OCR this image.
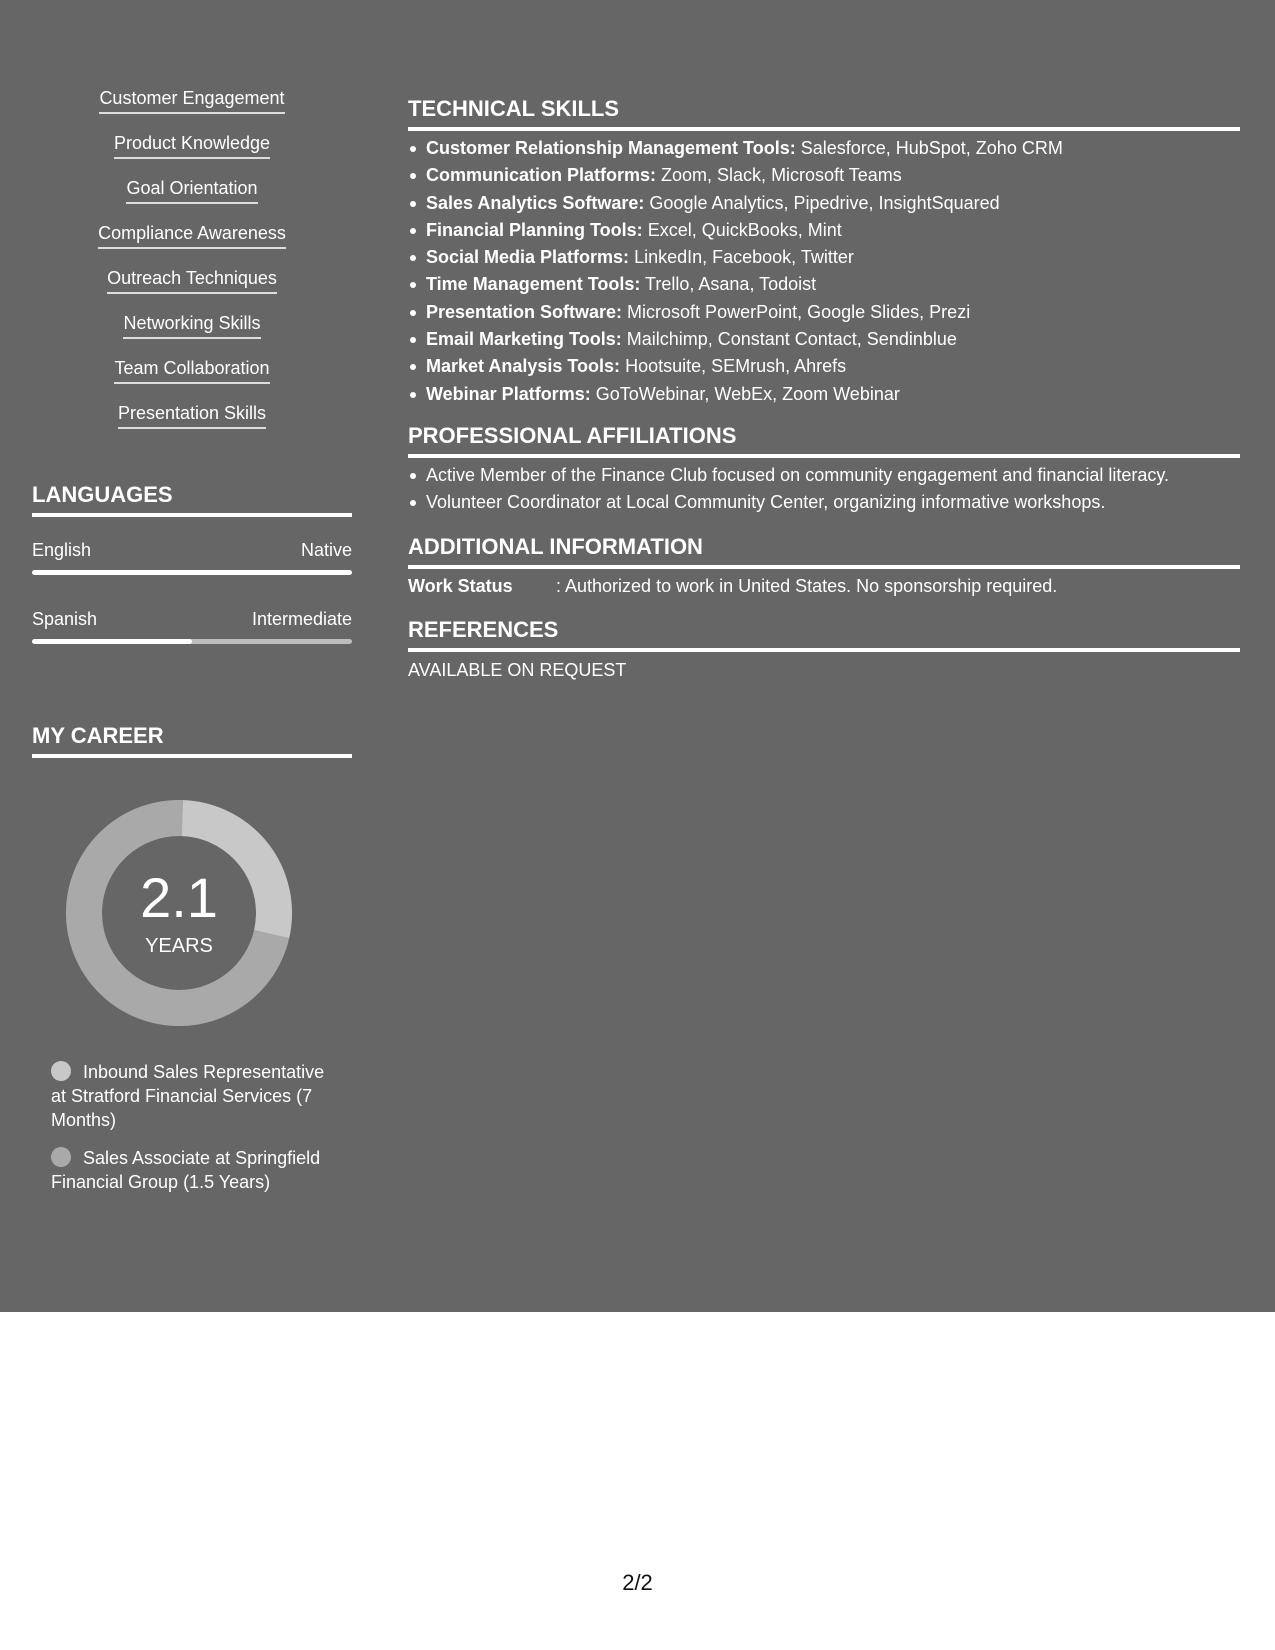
Customer Engagement
Product Knowledge
Goal Orientation
Compliance Awareness
Outreach Techniques
Networking Skills
Team Collaboration
Presentation Skills
LANGUAGES
English	Native
Spanish	Intermediate
MY CAREER
2.1
YEARS
Inbound Sales Representative at Stratford Financial Services (7 Months)
Sales Associate at Springfield Financial Group (1.5 Years)
TECHNICAL SKILLS
Customer Relationship Management Tools: Salesforce, HubSpot, Zoho CRM
Communication Platforms: Zoom, Slack, Microsoft Teams
Sales Analytics Software: Google Analytics, Pipedrive, InsightSquared
Financial Planning Tools: Excel, QuickBooks, Mint
Social Media Platforms: LinkedIn, Facebook, Twitter
Time Management Tools: Trello, Asana, Todoist
Presentation Software: Microsoft PowerPoint, Google Slides, Prezi
Email Marketing Tools: Mailchimp, Constant Contact, Sendinblue
Market Analysis Tools: Hootsuite, SEMrush, Ahrefs
Webinar Platforms: GoToWebinar, WebEx, Zoom Webinar
PROFESSIONAL AFFILIATIONS
Active Member of the Finance Club focused on community engagement and financial literacy.
Volunteer Coordinator at Local Community Center, organizing informative workshops.
ADDITIONAL INFORMATION
Work Status : Authorized to work in United States. No sponsorship required.
REFERENCES
AVAILABLE ON REQUEST
2/2
